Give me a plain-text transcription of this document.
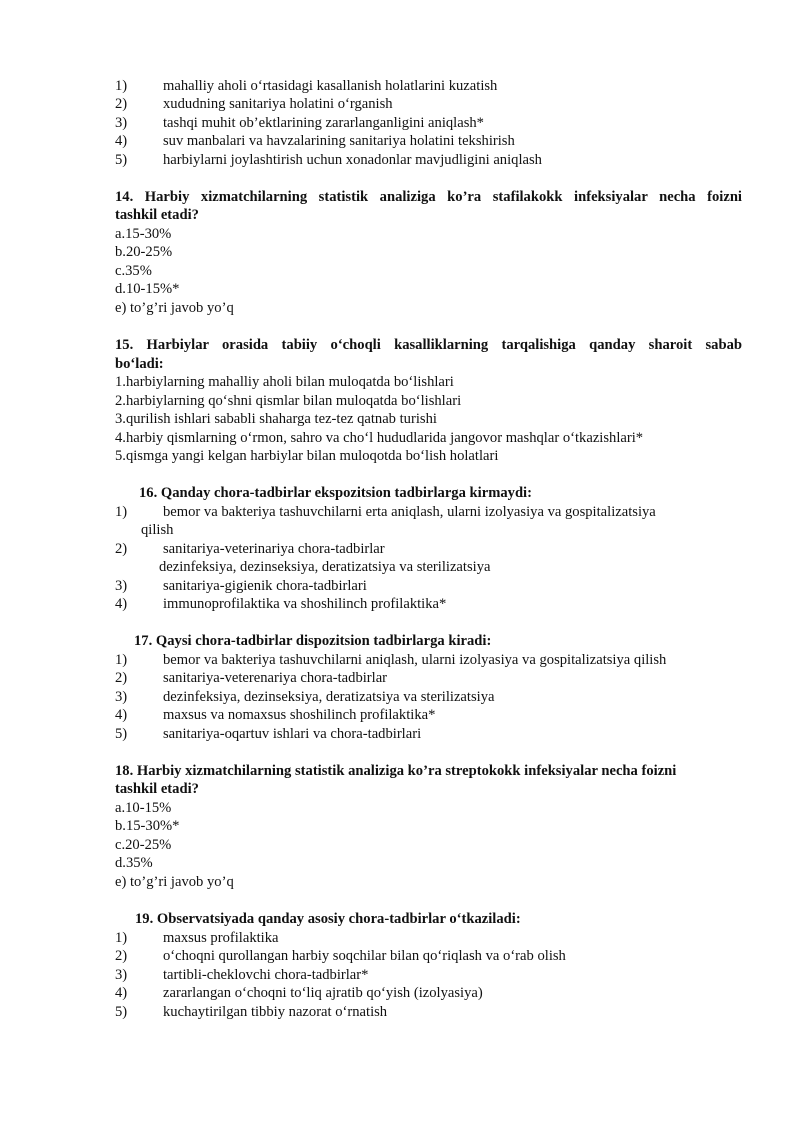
1) mahalliy aholi o‘rtasidagi kasallanish holatlarini kuzatish
2) xududning sanitariya holatini o‘rganish
3) tashqi muhit ob’ektlarining zararlanganligini aniqlash*
4) suv manbalari va havzalarining sanitariya holatini tekshirish
5) harbiylarni joylashtirish uchun xonadonlar mavjudligini aniqlash
14. Harbiy xizmatchilarning statistik analiziga ko’ra stafilakokk infeksiyalar necha foizni
tashkil etadi?
a.15-30%
b.20-25%
c.35%
d.10-15%*
e) to’g’ri javob yo’q
15. Harbiylar orasida tabiiy o‘choqli kasalliklarning tarqalishiga qanday sharoit sabab
bo‘ladi:
1.harbiylarning mahalliy aholi bilan muloqatda bo‘lishlari
2.harbiylarning qo‘shni qismlar bilan muloqatda bo‘lishlari
3.qurilish ishlari sababli shaharga tez-tez qatnab turishi
4.harbiy qismlarning o‘rmon, sahro va cho‘l hududlarida jangovor mashqlar o‘tkazishlari*
5.qismga yangi kelgan harbiylar bilan muloqotda bo‘lish holatlari
16. Qanday chora-tadbirlar ekspozitsion tadbirlarga kirmaydi:
1) bemor va bakteriya tashuvchilarni erta aniqlash, ularni izolyasiya va gospitalizatsiya
qilish
2) sanitariya-veterinariya chora-tadbirlar
dezinfeksiya, dezinseksiya, deratizatsiya va sterilizatsiya
3) sanitariya-gigienik chora-tadbirlari
4) immunoprofilaktika va shoshilinch profilaktika*
17. Qaysi chora-tadbirlar dispozitsion tadbirlarga kiradi:
1) bemor va bakteriya tashuvchilarni aniqlash, ularni izolyasiya va gospitalizatsiya qilish
2) sanitariya-veterenariya chora-tadbirlar
3) dezinfeksiya, dezinseksiya, deratizatsiya va sterilizatsiya
4) maxsus va nomaxsus shoshilinch profilaktika*
5) sanitariya-oqartuv ishlari va chora-tadbirlari
18. Harbiy xizmatchilarning statistik analiziga ko’ra streptokokk infeksiyalar necha foizni
tashkil etadi?
a.10-15%
b.15-30%*
c.20-25%
d.35%
e) to’g’ri javob yo’q
19. Observatsiyada qanday asosiy chora-tadbirlar o‘tkaziladi:
1) maxsus profilaktika
2) o‘choqni qurollangan harbiy soqchilar bilan qo‘riqlash va o‘rab olish
3) tartibli-cheklovchi chora-tadbirlar*
4) zararlangan o‘choqni to‘liq ajratib qo‘yish (izolyasiya)
5) kuchaytirilgan tibbiy nazorat o‘rnatish
